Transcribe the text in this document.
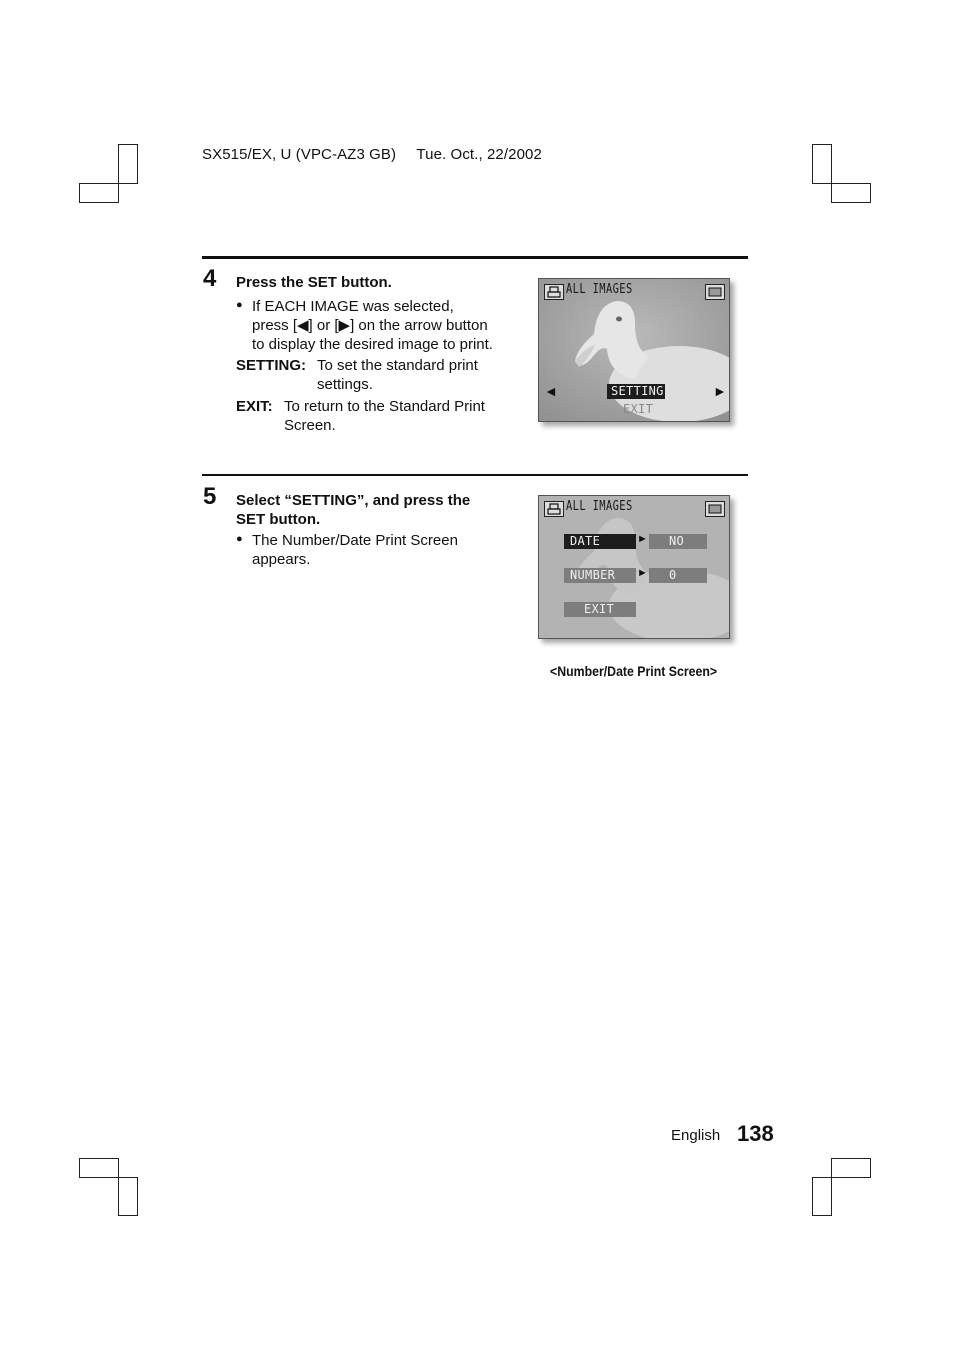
SX515/EX, U (VPC-AZ3 GB) Tue. Oct., 22/2002
4 Press the SET button.
● If EACH IMAGE was selected,
press [◀] or [▶] on the arrow button
to display the desired image to print.
SETTING: To set the standard print
settings.
EXIT: To return to the Standard Print
Screen.
ALL IMAGES
◄	►
SETTING
EXIT
5 Select “SETTING”, and press the
SET button.
● The Number/Date Print Screen
appears.
ALL IMAGES
DATE	►	NO
NUMBER	►	0
EXIT
<Number/Date Print Screen>
English 138
